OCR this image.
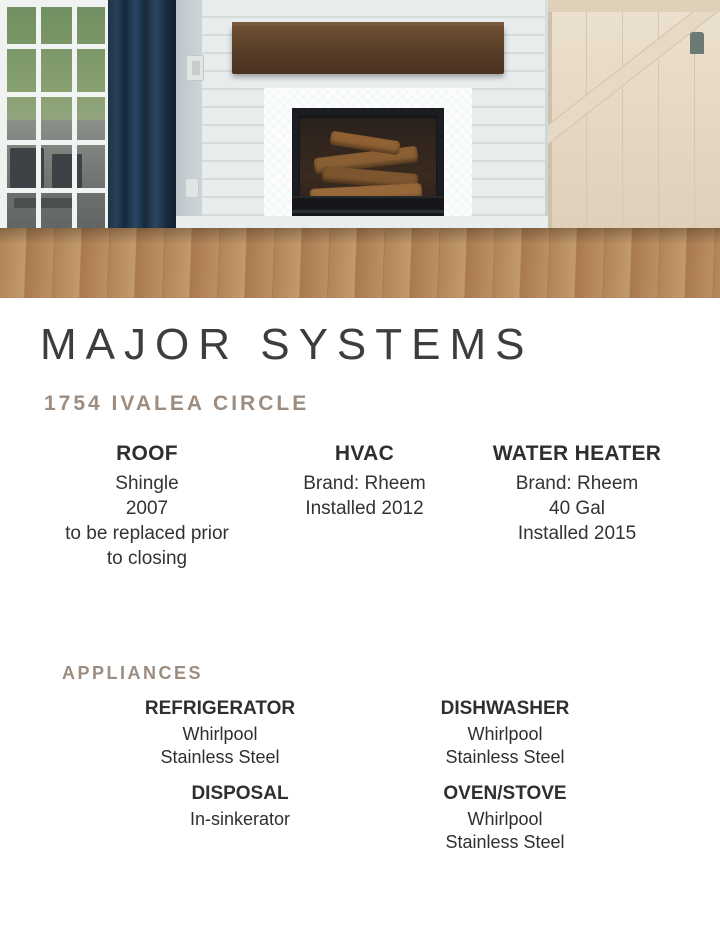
MAJOR SYSTEMS
1754 IVALEA CIRCLE
ROOF
Shingle
2007
to be replaced prior
to closing
HVAC
Brand: Rheem
Installed 2012
WATER HEATER
Brand: Rheem
40 Gal
Installed 2015
APPLIANCES
REFRIGERATOR
Whirlpool
Stainless Steel
DISHWASHER
Whirlpool
Stainless Steel
DISPOSAL
In-sinkerator
OVEN/STOVE
Whirlpool
Stainless Steel
